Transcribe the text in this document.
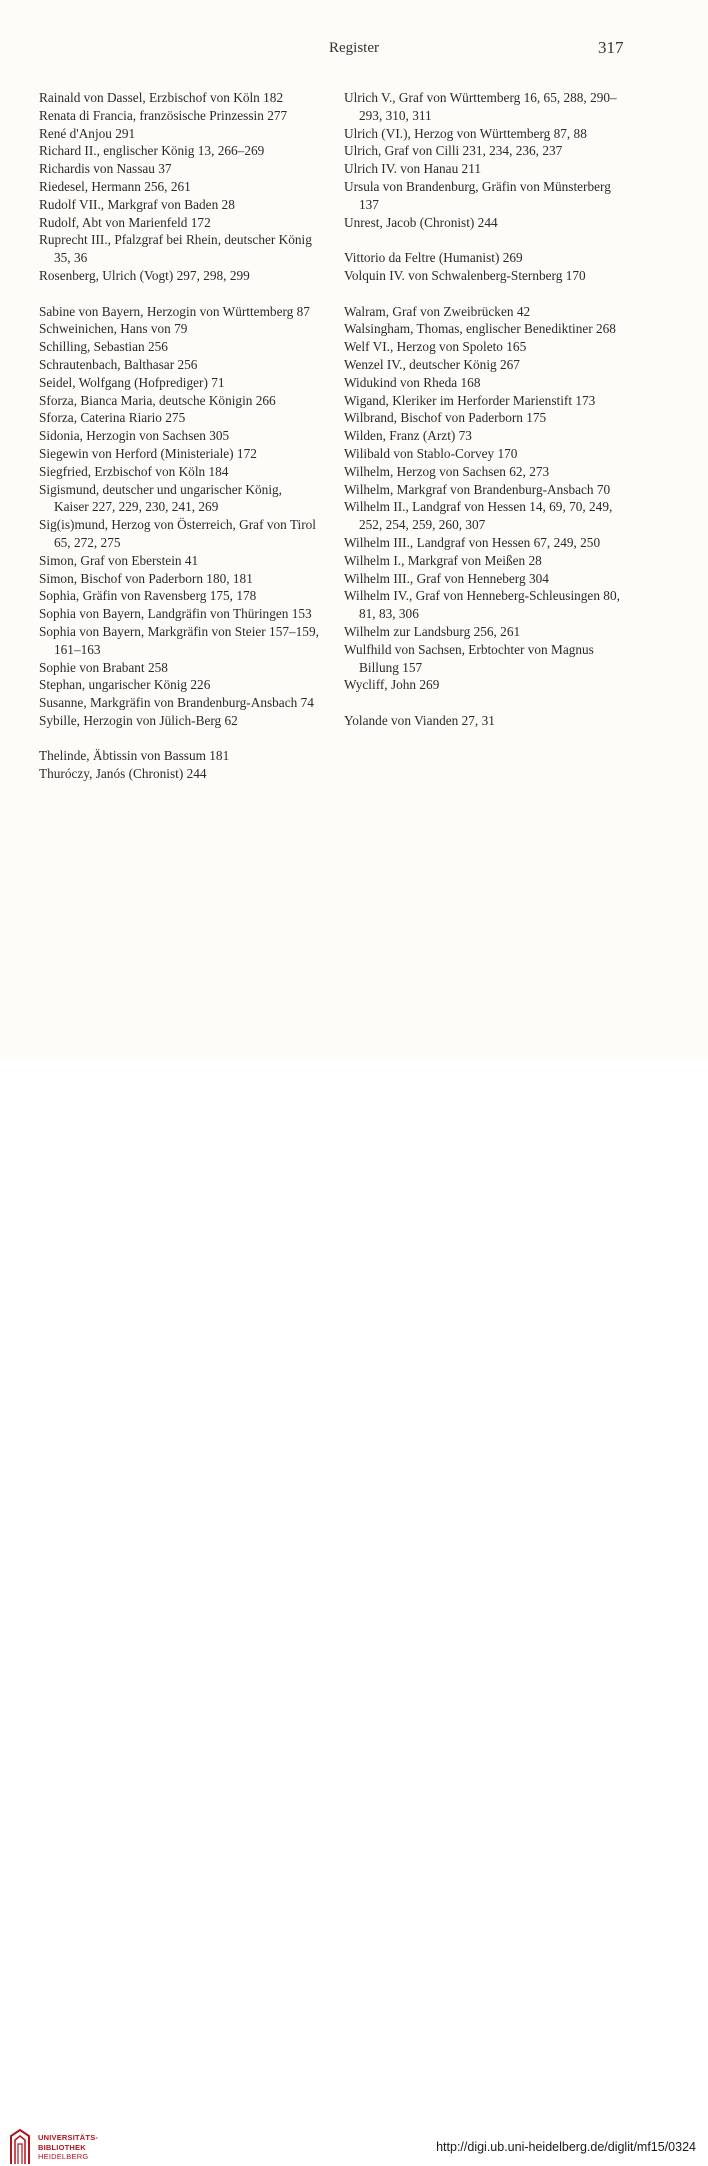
Register	317
Rainald von Dassel, Erzbischof von Köln 182
Renata di Francia, französische Prinzessin 277
René d'Anjou 291
Richard II., englischer König 13, 266–269
Richardis von Nassau 37
Riedesel, Hermann 256, 261
Rudolf VII., Markgraf von Baden 28
Rudolf, Abt von Marienfeld 172
Ruprecht III., Pfalzgraf bei Rhein, deutscher König 35, 36
Rosenberg, Ulrich (Vogt) 297, 298, 299
Sabine von Bayern, Herzogin von Württemberg 87
Schweinichen, Hans von 79
Schilling, Sebastian 256
Schrautenbach, Balthasar 256
Seidel, Wolfgang (Hofprediger) 71
Sforza, Bianca Maria, deutsche Königin 266
Sforza, Caterina Riario 275
Sidonia, Herzogin von Sachsen 305
Siegewin von Herford (Ministeriale) 172
Siegfried, Erzbischof von Köln 184
Sigismund, deutscher und ungarischer König, Kaiser 227, 229, 230, 241, 269
Sig(is)mund, Herzog von Österreich, Graf von Tirol 65, 272, 275
Simon, Graf von Eberstein 41
Simon, Bischof von Paderborn 180, 181
Sophia, Gräfin von Ravensberg 175, 178
Sophia von Bayern, Landgräfin von Thüringen 153
Sophia von Bayern, Markgräfin von Steier 157–159, 161–163
Sophie von Brabant 258
Stephan, ungarischer König 226
Susanne, Markgräfin von Brandenburg-Ansbach 74
Sybille, Herzogin von Jülich-Berg 62
Thelinde, Äbtissin von Bassum 181
Thuróczy, Janós (Chronist) 244
Ulrich V., Graf von Württemberg 16, 65, 288, 290–293, 310, 311
Ulrich (VI.), Herzog von Württemberg 87, 88
Ulrich, Graf von Cilli 231, 234, 236, 237
Ulrich IV. von Hanau 211
Ursula von Brandenburg, Gräfin von Münsterberg 137
Unrest, Jacob (Chronist) 244
Vittorio da Feltre (Humanist) 269
Volquin IV. von Schwalenberg-Sternberg 170
Walram, Graf von Zweibrücken 42
Walsingham, Thomas, englischer Benediktiner 268
Welf VI., Herzog von Spoleto 165
Wenzel IV., deutscher König 267
Widukind von Rheda 168
Wigand, Kleriker im Herforder Marienstift 173
Wilbrand, Bischof von Paderborn 175
Wilden, Franz (Arzt) 73
Wilibald von Stablo-Corvey 170
Wilhelm, Herzog von Sachsen 62, 273
Wilhelm, Markgraf von Brandenburg-Ansbach 70
Wilhelm II., Landgraf von Hessen 14, 69, 70, 249, 252, 254, 259, 260, 307
Wilhelm III., Landgraf von Hessen 67, 249, 250
Wilhelm I., Markgraf von Meißen 28
Wilhelm III., Graf von Henneberg 304
Wilhelm IV., Graf von Henneberg-Schleusingen 80, 81, 83, 306
Wilhelm zur Landsburg 256, 261
Wulfhild von Sachsen, Erbtochter von Magnus Billung 157
Wycliff, John 269
Yolande von Vianden 27, 31
UNIVERSITÄTS-
BIBLIOTHEK
HEIDELBERG
http://digi.ub.uni-heidelberg.de/diglit/mf15/0324
